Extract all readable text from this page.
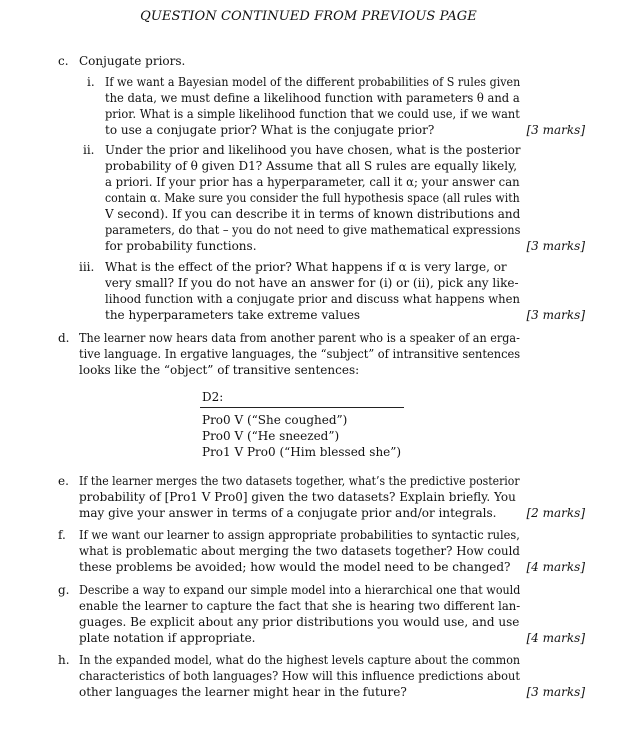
QUESTION CONTINUED FROM PREVIOUS PAGE
c. Conjugate priors.
i. If we want a Bayesian model of the different probabilities of S rules given
the data, we must define a likelihood function with parameters θ and a
prior. What is a simple likelihood function that we could use, if we want
to use a conjugate prior? What is the conjugate prior?	[3 marks]
ii. Under the prior and likelihood you have chosen, what is the posterior
probability of θ given D1? Assume that all S rules are equally likely,
a priori. If your prior has a hyperparameter, call it α; your answer can
contain α. Make sure you consider the full hypothesis space (all rules with
V second). If you can describe it in terms of known distributions and
parameters, do that – you do not need to give mathematical expressions
for probability functions.	[3 marks]
iii. What is the effect of the prior? What happens if α is very large, or
very small? If you do not have an answer for (i) or (ii), pick any like-
lihood function with a conjugate prior and discuss what happens when
the hyperparameters take extreme values	[3 marks]
d. The learner now hears data from another parent who is a speaker of an erga-
tive language. In ergative languages, the “subject” of intransitive sentences
looks like the “object” of transitive sentences:
D2:
Pro0 V (“She coughed”)
Pro0 V (“He sneezed”)
Pro1 V Pro0 (“Him blessed she”)
e. If the learner merges the two datasets together, what’s the predictive posterior
probability of [Pro1 V Pro0] given the two datasets? Explain briefly. You
may give your answer in terms of a conjugate prior and/or integrals.	[2 marks]
f. If we want our learner to assign appropriate probabilities to syntactic rules,
what is problematic about merging the two datasets together? How could
these problems be avoided; how would the model need to be changed?	[4 marks]
g. Describe a way to expand our simple model into a hierarchical one that would
enable the learner to capture the fact that she is hearing two different lan-
guages. Be explicit about any prior distributions you would use, and use
plate notation if appropriate.	[4 marks]
h. In the expanded model, what do the highest levels capture about the common
characteristics of both languages? How will this influence predictions about
other languages the learner might hear in the future?	[3 marks]
